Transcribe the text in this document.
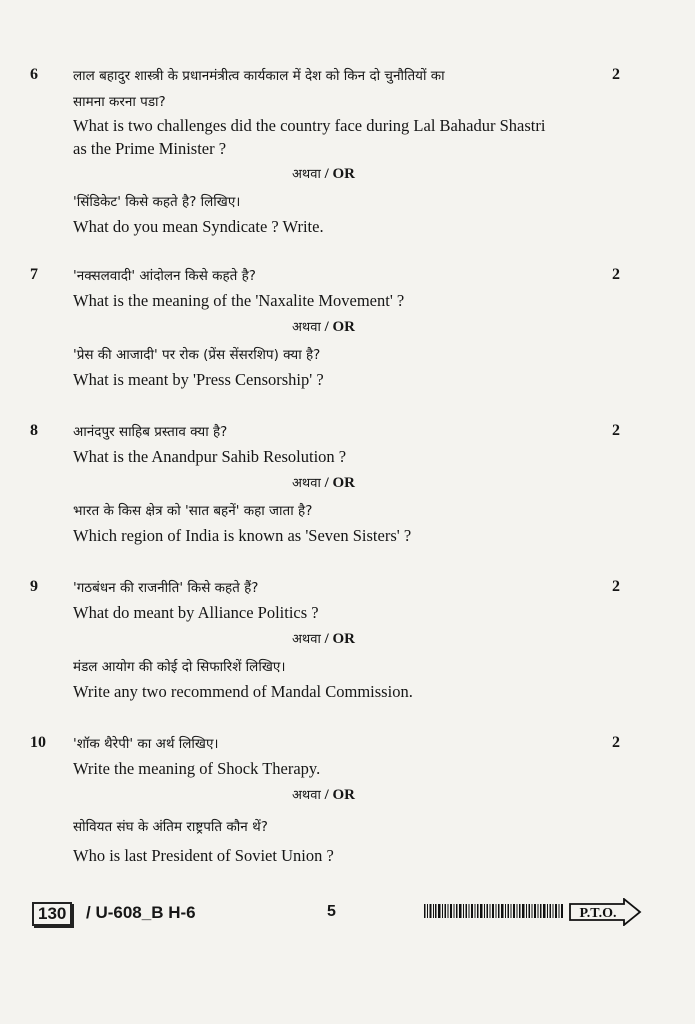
6	2
लाल बहादुर शास्त्री के प्रधानमंत्रीत्व कार्यकाल में देश को किन दो चुनौतियों का
सामना करना पडा?
What is two challenges did the country face during Lal Bahadur Shastri
as the Prime Minister ?
अथवा / OR
'सिंडिकेट' किसे कहते है? लिखिए।
What do you mean Syndicate ? Write.
7	2
'नक्सलवादी' आंदोलन किसे कहते है?
What is the meaning of the 'Naxalite Movement' ?
अथवा / OR
'प्रेस की आजादी' पर रोक (प्रेंस सेंसरशिप) क्या है?
What is meant by 'Press Censorship' ?
8	2
आनंदपुर साहिब प्रस्ताव क्या है?
What is the Anandpur Sahib Resolution ?
अथवा / OR
भारत के किस क्षेत्र को 'सात बहनें' कहा जाता है?
Which region of India is known as 'Seven Sisters' ?
9	2
'गठबंधन की राजनीति' किसे कहते हैं?
What do meant by Alliance Politics ?
अथवा / OR
मंडल आयोग की कोई दो सिफारिशें लिखिए।
Write any two recommend of Mandal Commission.
10	2
'शॉक थैरेपी' का अर्थ लिखिए।
Write the meaning of Shock Therapy.
अथवा / OR
सोवियत संघ के अंतिम राष्ट्रपति कौन थें?
Who is last President of Soviet Union ?
130	/ U-608_B H-6	5	P.T.O.
